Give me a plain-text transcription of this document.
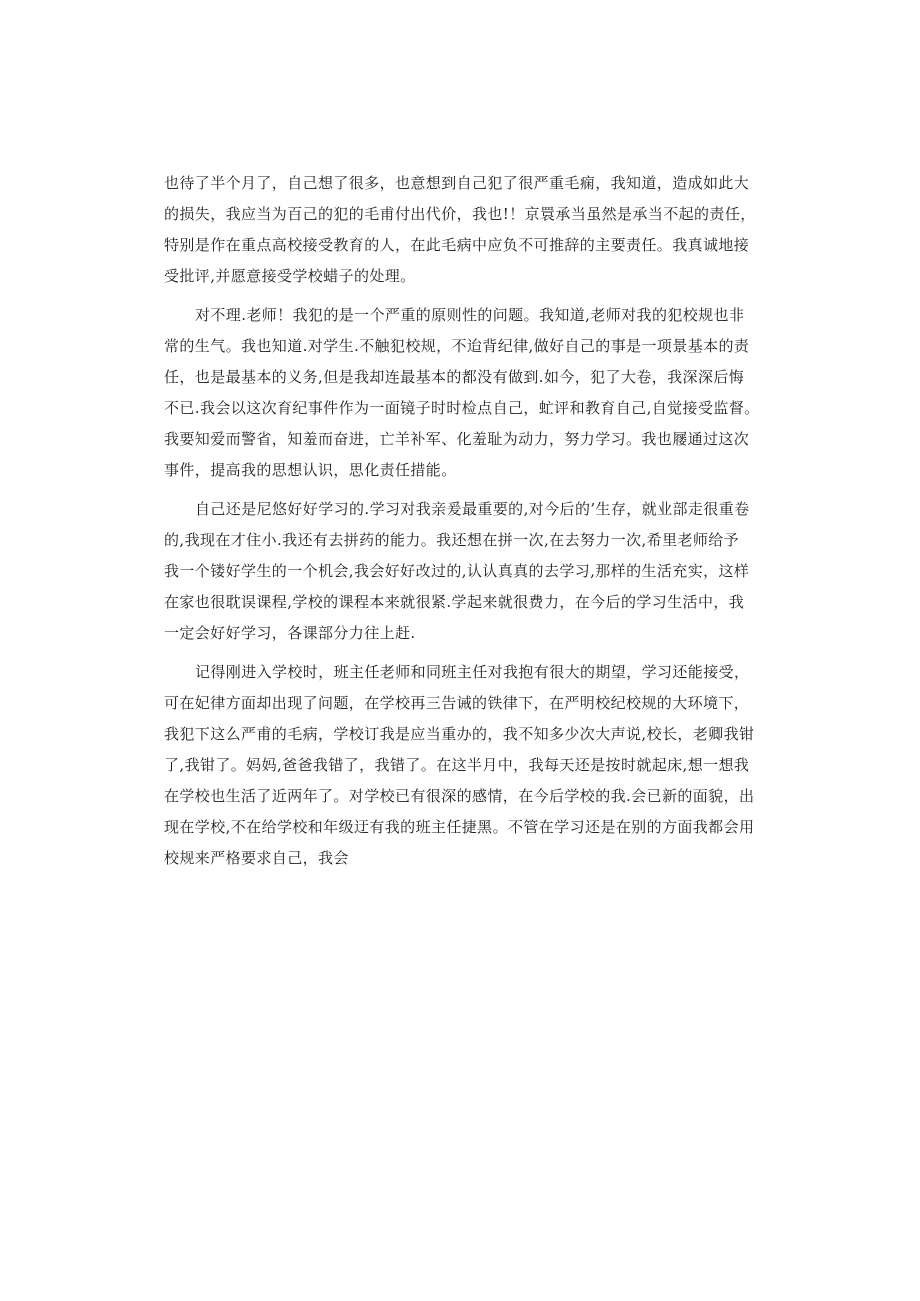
也待了半个月了，自己想了很多，也意想到自己犯了很严重毛痫，我知道，造成如此大
的损失，我应当为百己的犯的毛甫付出代价，我也!！京睘承当虽然是承当不起的责任，
特别是作在重点高校接受教育的人，在此毛病中应负不可推辞的主要责任。我真诚地接
受批评,并愿意接受学校蜡子的处理。
对不理.老师！我犯的是一个严重的原则性的问题。我知道,老师对我的犯校规也非
常的生气。我也知道.对学生.不触犯校规，不迨背纪律,做好自己的事是一项景基本的责
任，也是最基本的义务,但是我却连最基本的都没有做到.如今，犯了大卷，我深深后悔
不已.我会以这次育纪事件作为一面镜子时时检点自己，虻评和教育自己,自觉接受监督。
我要知爱而警省，知羞而奋进，亡羊补军、化羞耻为动力，努力学习。我也屦通过这次
事件，提高我的思想认识，思化责任措能。
自己还是尼悠好好学习的.学习对我亲爰最重要的,对今后的’生存，就业部走很重卷
的,我现在才住小.我还有去拼药的能力。我还想在拼一次,在去努力一次,希里老师给予
我一个镂好学生的一个机会,我会好好改过的,认认真真的去学习,那样的生活充实，这样
在家也很耽误课程,学校的课程本来就很紧.学起来就很费力，在今后的学习生活中，我
一定会好好学习，各课部分力往上赶.
记得刚进入学校时，班主任老师和同班主任对我抱有很大的期望，学习还能接受，
可在妃律方面却出现了问题，在学校再三告诫的铁律下，在严明校纪校规的大环境下，
我犯下这么严甫的毛病，学校订我是应当重办的，我不知多少次大声说,校长，老卿我钳
了,我钳了。妈妈,爸爸我错了，我错了。在这半月中，我每天还是按时就起床,想一想我
在学校也生活了近两年了。对学校已有很深的感情，在今后学校的我.会已新的面貌，出
现在学校,不在给学校和年级迂有我的班主任捷黑。不管在学习还是在别的方面我都会用
校规来严格要求自己，我会
